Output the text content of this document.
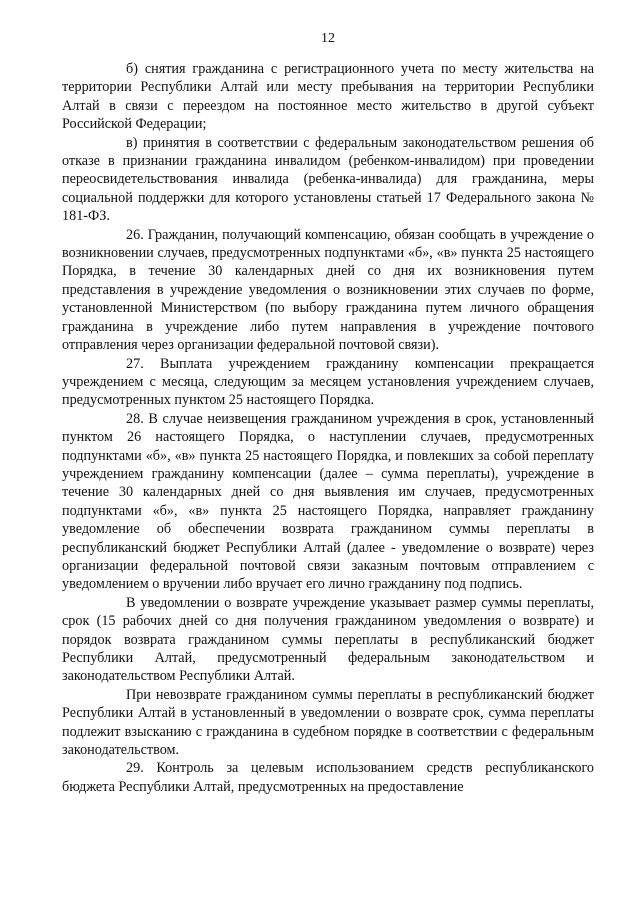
12

б) снятия гражданина с регистрационного учета по месту жительства на территории Республики Алтай или месту пребывания на территории Республики Алтай в связи с переездом на постоянное место жительство в другой субъект Российской Федерации;

в) принятия в соответствии с федеральным законодательством решения об отказе в признании гражданина инвалидом (ребенком-инвалидом) при проведении переосвидетельствования инвалида (ребенка-инвалида) для гражданина, меры социальной поддержки для которого установлены статьей 17 Федерального закона № 181-ФЗ.

26. Гражданин, получающий компенсацию, обязан сообщать в учреждение о возникновении случаев, предусмотренных подпунктами «б», «в» пункта 25 настоящего Порядка, в течение 30 календарных дней со дня их возникновения путем представления в учреждение уведомления о возникновении этих случаев по форме, установленной Министерством (по выбору гражданина путем личного обращения гражданина в учреждение либо путем направления в учреждение почтового отправления через организации федеральной почтовой связи).

27. Выплата учреждением гражданину компенсации прекращается учреждением с месяца, следующим за месяцем установления учреждением случаев, предусмотренных пунктом 25 настоящего Порядка.

28. В случае неизвещения гражданином учреждения в срок, установленный пунктом 26 настоящего Порядка, о наступлении случаев, предусмотренных подпунктами «б», «в» пункта 25 настоящего Порядка, и повлекших за собой переплату учреждением гражданину компенсации (далее – сумма переплаты), учреждение в течение 30 календарных дней со дня выявления им случаев, предусмотренных подпунктами «б», «в» пункта 25 настоящего Порядка, направляет гражданину уведомление об обеспечении возврата гражданином суммы переплаты в республиканский бюджет Республики Алтай (далее - уведомление о возврате) через организации федеральной почтовой связи заказным почтовым отправлением с уведомлением о вручении либо вручает его лично гражданину под подпись.

В уведомлении о возврате учреждение указывает размер суммы переплаты, срок (15 рабочих дней со дня получения гражданином уведомления о возврате) и порядок возврата гражданином суммы переплаты в республиканский бюджет Республики Алтай, предусмотренный федеральным законодательством и законодательством Республики Алтай.

При невозврате гражданином суммы переплаты в республиканский бюджет Республики Алтай в установленный в уведомлении о возврате срок, сумма переплаты подлежит взысканию с гражданина в судебном порядке в соответствии с федеральным законодательством.

29. Контроль за целевым использованием средств республиканского бюджета Республики Алтай, предусмотренных на предоставление
